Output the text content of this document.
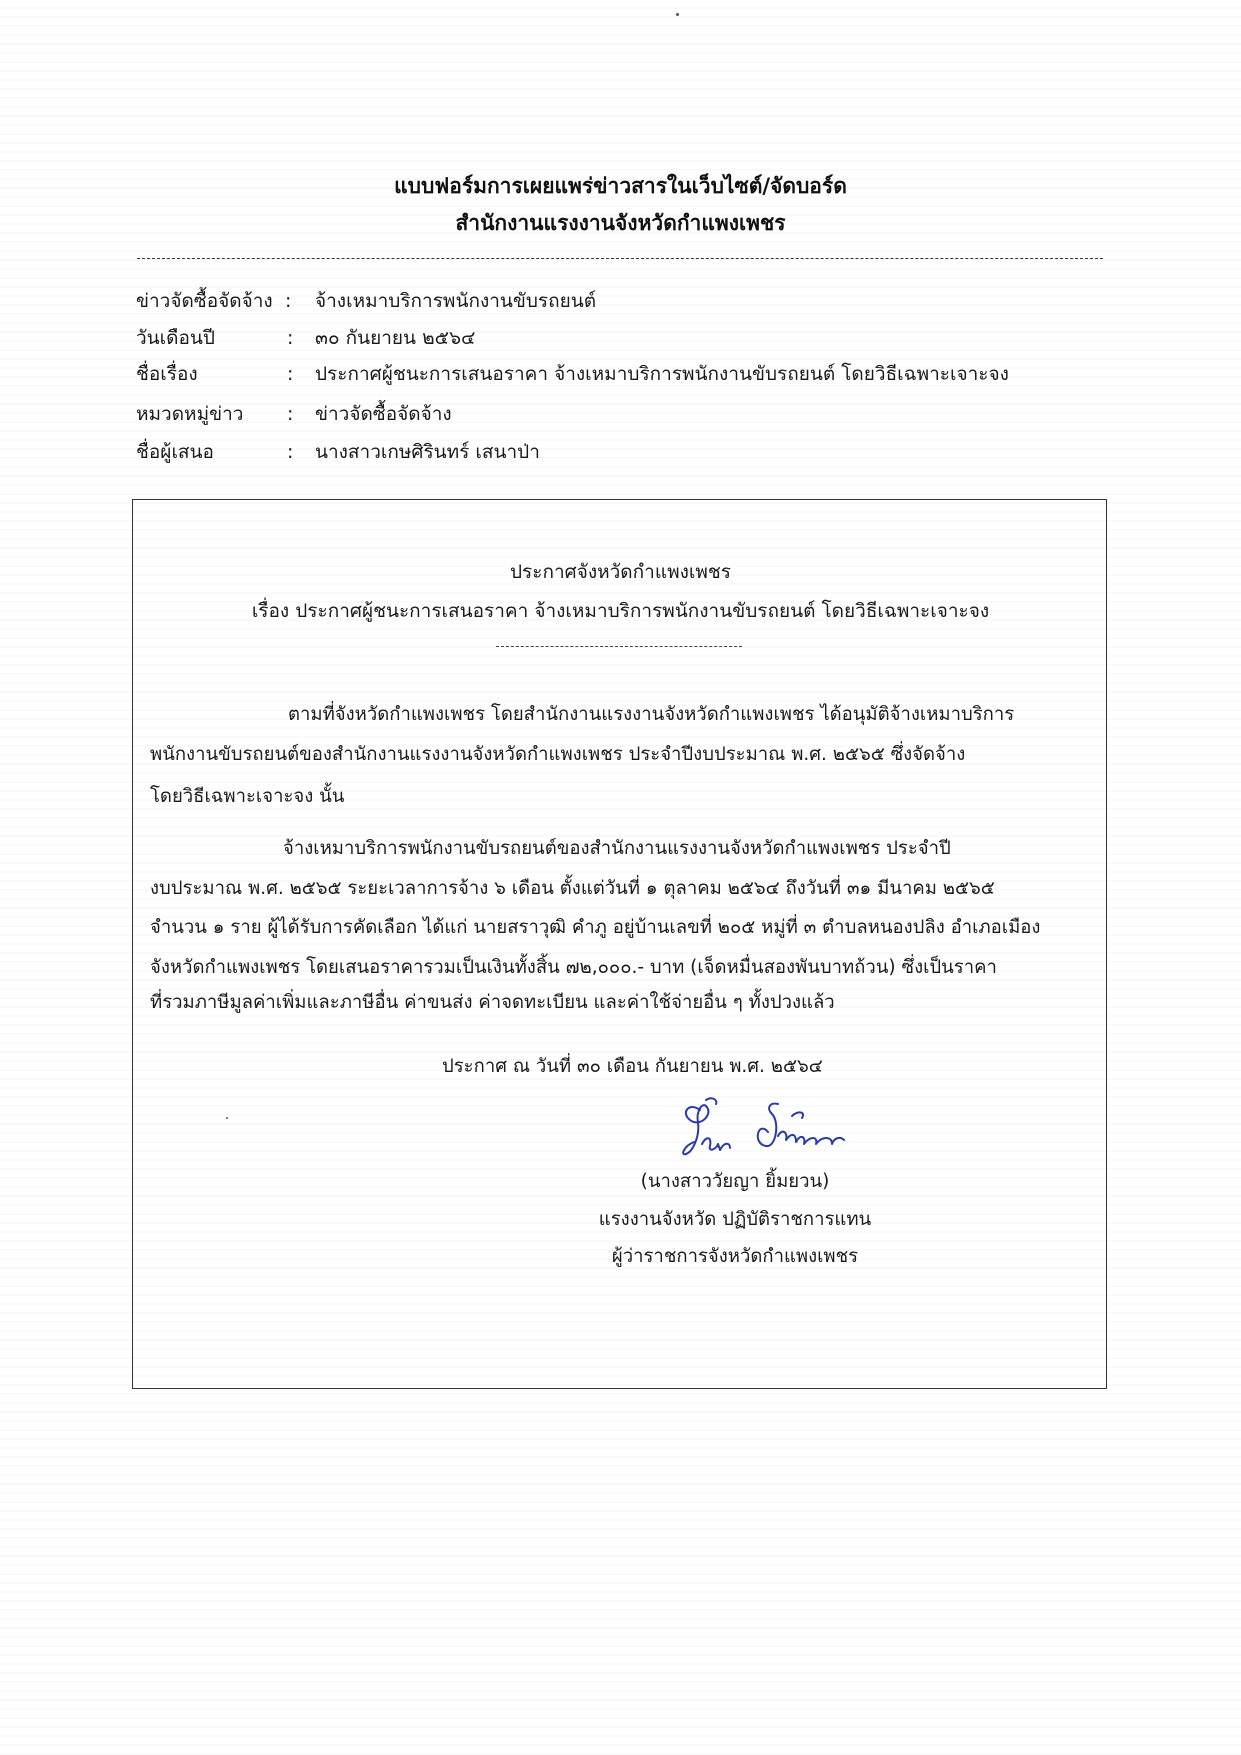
แบบฟอร์มการเผยแพร่ข่าวสารในเว็บไซต์/จัดบอร์ด
สำนักงานแรงงานจังหวัดกำแพงเพชร
ข่าวจัดซื้อจัดจ้าง : จ้างเหมาบริการพนักงานขับรถยนต์
วันเดือนปี	: ๓๐ กันยายน ๒๕๖๔
ชื่อเรื่อง	: ประกาศผู้ชนะการเสนอราคา จ้างเหมาบริการพนักงานขับรถยนต์ โดยวิธีเฉพาะเจาะจง
หมวดหมู่ข่าว : ข่าวจัดซื้อจัดจ้าง
ชื่อผู้เสนอ	: นางสาวเกษศิรินทร์ เสนาป่า
ประกาศจังหวัดกำแพงเพชร
เรื่อง ประกาศผู้ชนะการเสนอราคา จ้างเหมาบริการพนักงานขับรถยนต์ โดยวิธีเฉพาะเจาะจง
ตามที่จังหวัดกำแพงเพชร โดยสำนักงานแรงงานจังหวัดกำแพงเพชร ได้อนุมัติจ้างเหมาบริการ
พนักงานขับรถยนต์ของสำนักงานแรงงานจังหวัดกำแพงเพชร ประจำปีงบประมาณ พ.ศ. ๒๕๖๕ ซึ่งจัดจ้าง
โดยวิธีเฉพาะเจาะจง นั้น
จ้างเหมาบริการพนักงานขับรถยนต์ของสำนักงานแรงงานจังหวัดกำแพงเพชร ประจำปี
งบประมาณ พ.ศ. ๒๕๖๕ ระยะเวลาการจ้าง ๖ เดือน ตั้งแต่วันที่ ๑ ตุลาคม ๒๕๖๔ ถึงวันที่ ๓๑ มีนาคม ๒๕๖๕
จำนวน ๑ ราย ผู้ได้รับการคัดเลือก ได้แก่ นายสราวุฒิ คำภู อยู่บ้านเลขที่ ๒๐๕ หมู่ที่ ๓ ตำบลหนองปลิง อำเภอเมือง
จังหวัดกำแพงเพชร โดยเสนอราคารวมเป็นเงินทั้งสิ้น ๗๒,๐๐๐.- บาท (เจ็ดหมื่นสองพันบาทถ้วน) ซึ่งเป็นราคา
ที่รวมภาษีมูลค่าเพิ่มและภาษีอื่น ค่าขนส่ง ค่าจดทะเบียน และค่าใช้จ่ายอื่น ๆ ทั้งปวงแล้ว
ประกาศ ณ วันที่ ๓๐ เดือน กันยายน พ.ศ. ๒๕๖๔
(นางสาววัยญา ยิ้มยวน)
แรงงานจังหวัด ปฏิบัติราชการแทน
ผู้ว่าราชการจังหวัดกำแพงเพชร
